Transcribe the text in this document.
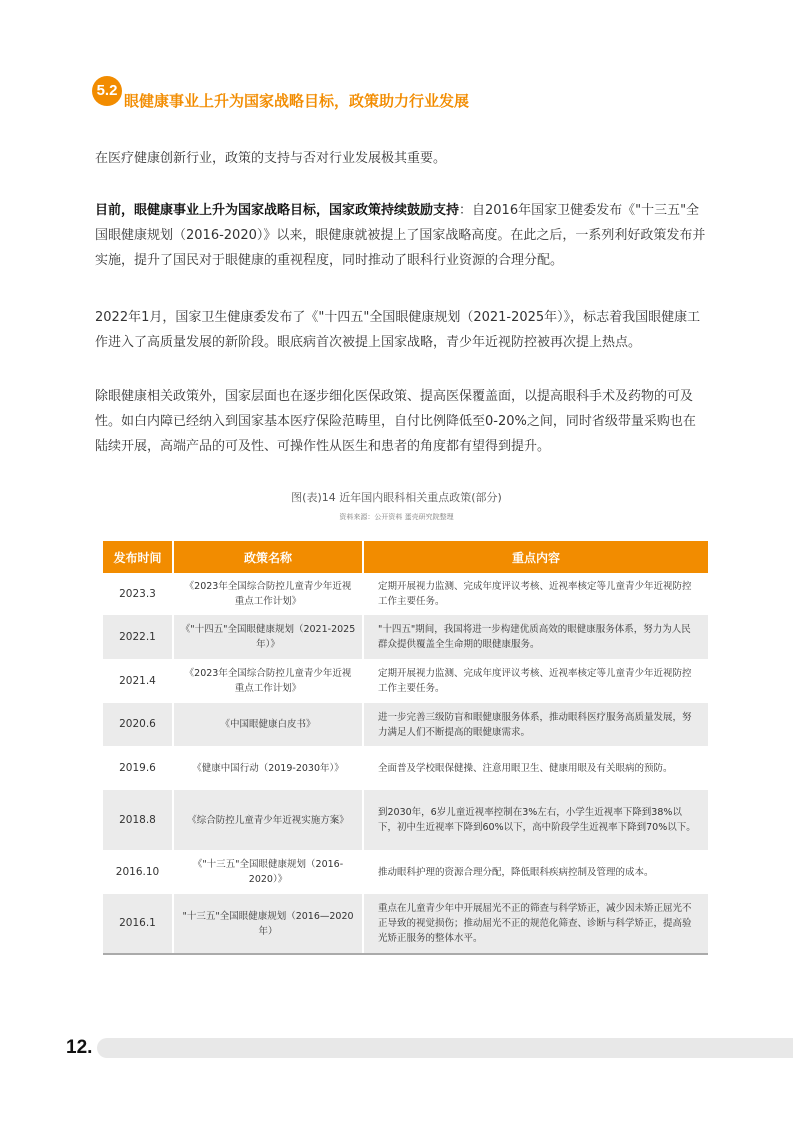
5.2
眼健康事业上升为国家战略目标，政策助力行业发展
在医疗健康创新行业，政策的支持与否对行业发展极其重要。
目前，眼健康事业上升为国家战略目标，国家政策持续鼓励支持：自2016年国家卫健委发布《"十三五"全国眼健康规划（2016-2020）》以来，眼健康就被提上了国家战略高度。在此之后，一系列利好政策发布并实施，提升了国民对于眼健康的重视程度，同时推动了眼科行业资源的合理分配。
2022年1月，国家卫生健康委发布了《"十四五"全国眼健康规划（2021-2025年）》，标志着我国眼健康工作进入了高质量发展的新阶段。眼底病首次被提上国家战略，青少年近视防控被再次提上热点。
除眼健康相关政策外，国家层面也在逐步细化医保政策、提高医保覆盖面，以提高眼科手术及药物的可及性。如白内障已经纳入到国家基本医疗保险范畴里，自付比例降低至0-20%之间，同时省级带量采购也在陆续开展，高端产品的可及性、可操作性从医生和患者的角度都有望得到提升。
图(表)14 近年国内眼科相关重点政策(部分)
资料来源：公开资料 蛋壳研究院整理
发布时间	政策名称	重点内容
2023.3	《2023年全国综合防控儿童青少年近视重点工作计划》	定期开展视力监测、完成年度评议考核、近视率核定等儿童青少年近视防控工作主要任务。
2022.1	《"十四五"全国眼健康规划（2021-2025年）》	"十四五"期间，我国将进一步构建优质高效的眼健康服务体系，努力为人民群众提供覆盖全生命期的眼健康服务。
2021.4	《2023年全国综合防控儿童青少年近视重点工作计划》	定期开展视力监测、完成年度评议考核、近视率核定等儿童青少年近视防控工作主要任务。
2020.6	《中国眼健康白皮书》	进一步完善三级防盲和眼健康服务体系，推动眼科医疗服务高质量发展，努力满足人们不断提高的眼健康需求。
2019.6	《健康中国行动（2019-2030年）》	全面普及学校眼保健操、注意用眼卫生、健康用眼及有关眼病的预防。
2018.8	《综合防控儿童青少年近视实施方案》	到2030年，6岁儿童近视率控制在3%左右，小学生近视率下降到38%以下，初中生近视率下降到60%以下，高中阶段学生近视率下降到70%以下。
2016.10	《"十三五"全国眼健康规划（2016-2020）》	推动眼科护理的资源合理分配，降低眼科疾病控制及管理的成本。
2016.1	"十三五"全国眼健康规划（2016—2020年）	重点在儿童青少年中开展屈光不正的筛查与科学矫正，减少因未矫正屈光不正导致的视觉损伤；推动屈光不正的规范化筛查、诊断与科学矫正，提高验光矫正服务的整体水平。
12.
